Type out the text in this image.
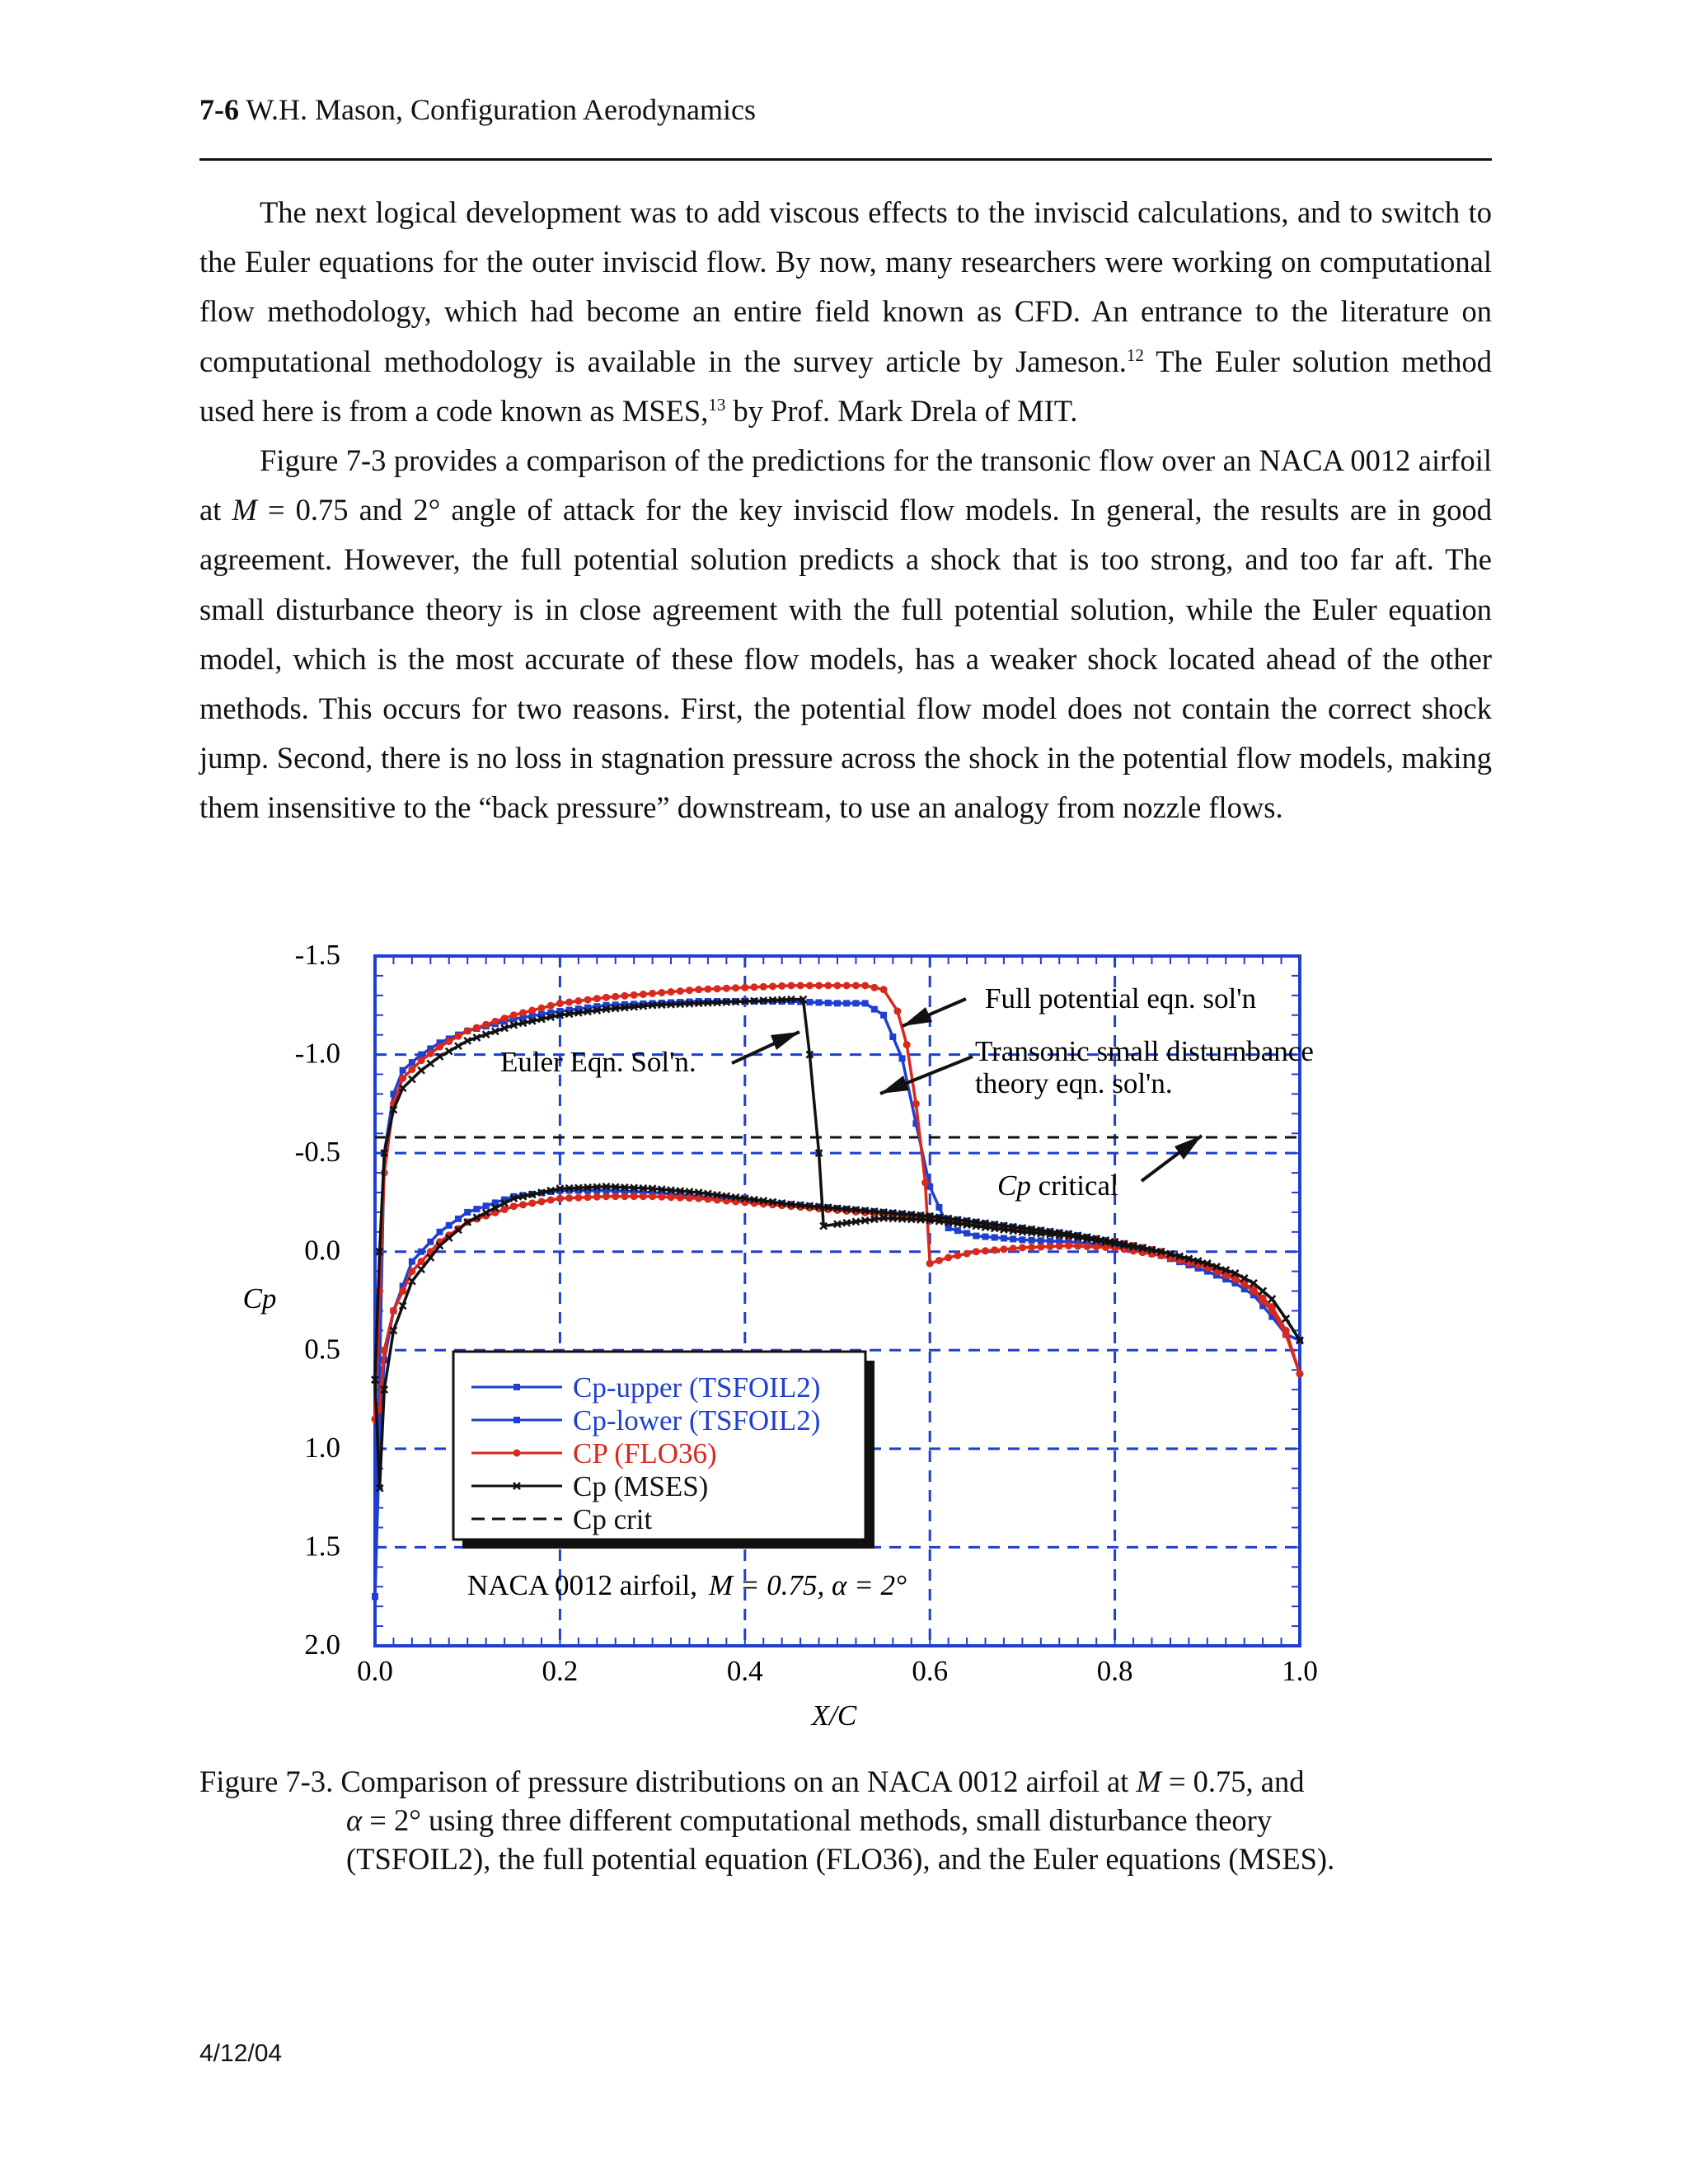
7-6 W.H. Mason, Configuration Aerodynamics

The next logical development was to add viscous effects to the inviscid calculations, and to switch to the Euler equations for the outer inviscid flow. By now, many researchers were working on computational flow methodology, which had become an entire field known as CFD. An entrance to the literature on computational methodology is available in the survey article by Jameson.$^{12}$ The Euler solution method used here is from a code known as MSES,$^{13}$ by Prof. Mark Drela of MIT.

Figure 7-3 provides a comparison of the predictions for the transonic flow over an NACA 0012 airfoil at M = 0.75 and 2° angle of attack for the key inviscid flow models. In general, the results are in good agreement. However, the full potential solution predicts a shock that is too strong, and too far aft. The small disturbance theory is in close agreement with the full potential solution, while the Euler equation model, which is the most accurate of these flow models, has a weaker shock located ahead of the other methods. This occurs for two reasons. First, the potential flow model does not contain the correct shock jump. Second, there is no loss in stagnation pressure across the shock in the potential flow models, making them insensitive to the “back pressure” downstream, to use an analogy from nozzle flows.

0.0	0.2	0.4	0.6	0.8	1.0
-1.5
-1.0
-0.5
0.0
0.5
1.0
1.5
2.0
X/C
Cp
Full potential eqn. sol'n
Transonic small disturnbance
theory eqn. sol'n.
Euler Eqn. Sol'n.
Cp critical
Cp-upper (TSFOIL2)
Cp-lower (TSFOIL2)
CP (FLO36)
Cp (MSES)
Cp crit
NACA 0012 airfoil, M = 0.75, α = 2°
Figure 7-3. Comparison of pressure distributions on an NACA 0012 airfoil at M = 0.75, and
α = 2° using three different computational methods, small disturbance theory
(TSFOIL2), the full potential equation (FLO36), and the Euler equations (MSES).
4/12/04
